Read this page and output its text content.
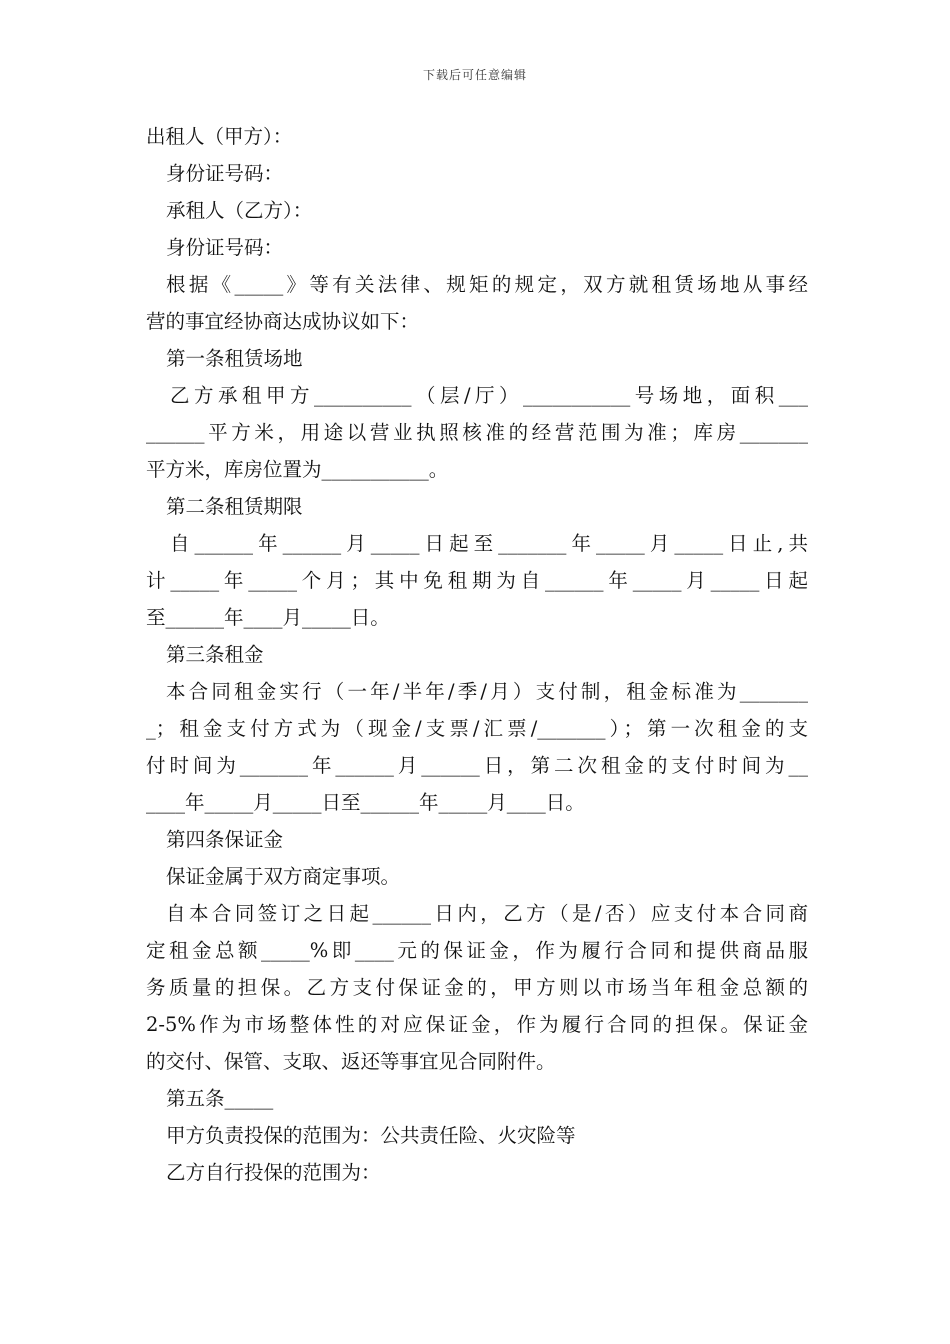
下载后可任意编辑
出租人（甲方）：
身份证号码：
承租人（乙方）：
身份证号码：
根据《_____》等有关法律、规矩的规定，双方就租赁场地从事经
营的事宜经协商达成协议如下：
第一条租赁场地
乙方承租甲方__________（层/厅）___________号场地，面积___
______平方米，用途以营业执照核准的经营范围为准；库房_______
平方米，库房位置为___________。
第二条租赁期限
自______年______月_____日起至_______年_____月_____日止,共
计_____年_____个月；其中免租期为自______年_____月_____日起
至______年____月_____日。
第三条租金
本合同租金实行（一年/半年/季/月）支付制，租金标准为_______
_；租金支付方式为（现金/支票/汇票/_______）；第一次租金的支
付时间为_______年______月______日，第二次租金的支付时间为__
____年_____月_____日至______年_____月____日。
第四条保证金
保证金属于双方商定事项。
自本合同签订之日起______日内，乙方（是/否）应支付本合同商
定租金总额_____%即____元的保证金，作为履行合同和提供商品服
务质量的担保。乙方支付保证金的，甲方则以市场当年租金总额的
2-5%作为市场整体性的对应保证金，作为履行合同的担保。保证金
的交付、保管、支取、返还等事宜见合同附件。
第五条_____
甲方负责投保的范围为：公共责任险、火灾险等
乙方自行投保的范围为：
